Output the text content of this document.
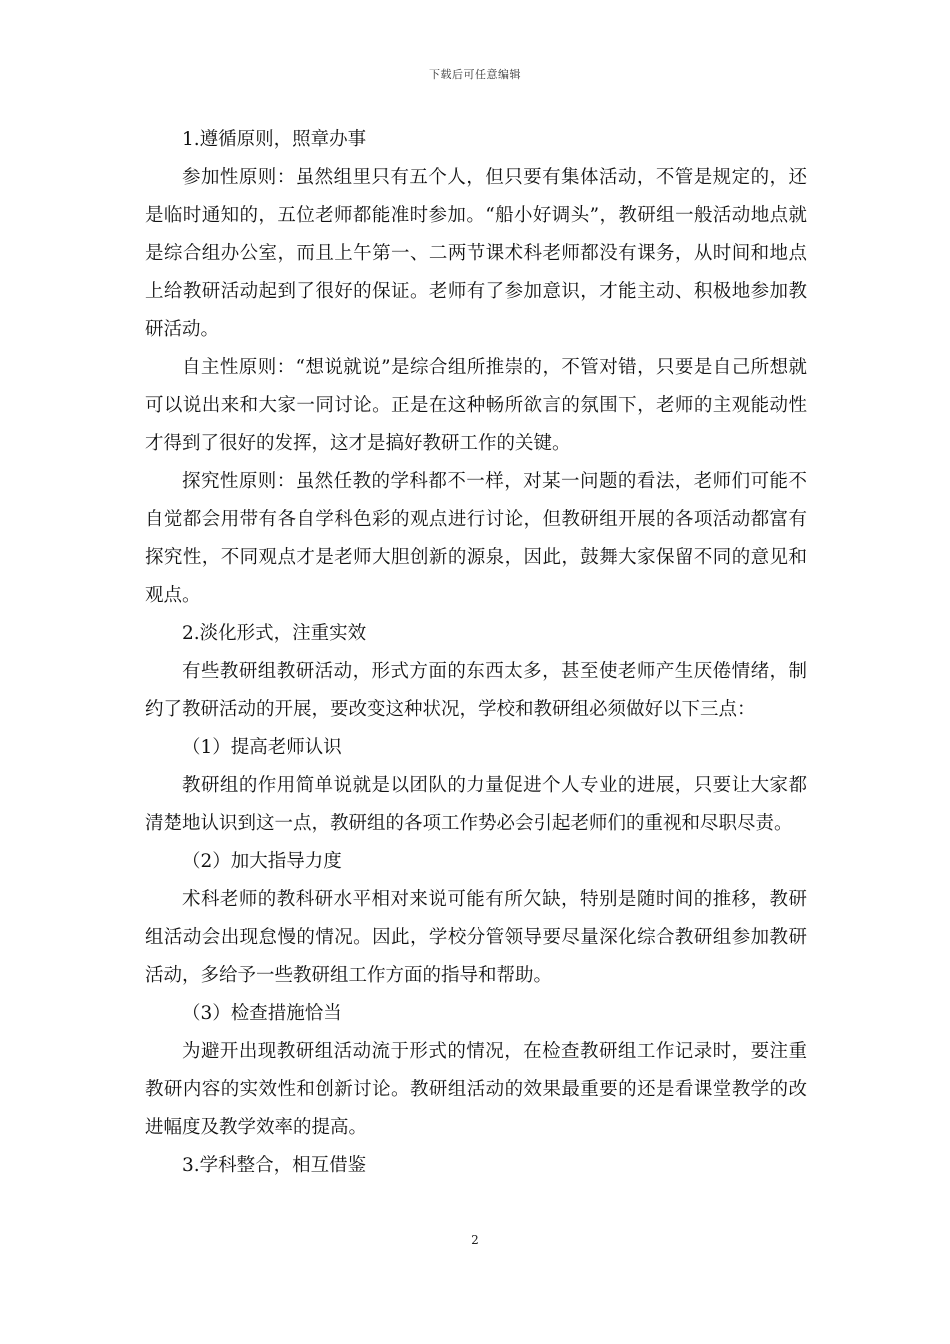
下载后可任意编辑

1.遵循原则，照章办事

参加性原则：虽然组里只有五个人，但只要有集体活动，不管是规定的，还是临时通知的，五位老师都能准时参加。“船小好调头”，教研组一般活动地点就是综合组办公室，而且上午第一、二两节课术科老师都没有课务，从时间和地点上给教研活动起到了很好的保证。老师有了参加意识，才能主动、积极地参加教研活动。

自主性原则：“想说就说”是综合组所推崇的，不管对错，只要是自己所想就可以说出来和大家一同讨论。正是在这种畅所欲言的氛围下，老师的主观能动性才得到了很好的发挥，这才是搞好教研工作的关键。

探究性原则：虽然任教的学科都不一样，对某一问题的看法，老师们可能不自觉都会用带有各自学科色彩的观点进行讨论，但教研组开展的各项活动都富有探究性，不同观点才是老师大胆创新的源泉，因此，鼓舞大家保留不同的意见和观点。

2.淡化形式，注重实效

有些教研组教研活动，形式方面的东西太多，甚至使老师产生厌倦情绪，制约了教研活动的开展，要改变这种状况，学校和教研组必须做好以下三点：

（1）提高老师认识

教研组的作用简单说就是以团队的力量促进个人专业的进展，只要让大家都清楚地认识到这一点，教研组的各项工作势必会引起老师们的重视和尽职尽责。

（2）加大指导力度

术科老师的教科研水平相对来说可能有所欠缺，特别是随时间的推移，教研组活动会出现怠慢的情况。因此，学校分管领导要尽量深化综合教研组参加教研活动，多给予一些教研组工作方面的指导和帮助。

（3）检查措施恰当

为避开出现教研组活动流于形式的情况，在检查教研组工作记录时，要注重教研内容的实效性和创新讨论。教研组活动的效果最重要的还是看课堂教学的改进幅度及教学效率的提高。

3.学科整合，相互借鉴

2
